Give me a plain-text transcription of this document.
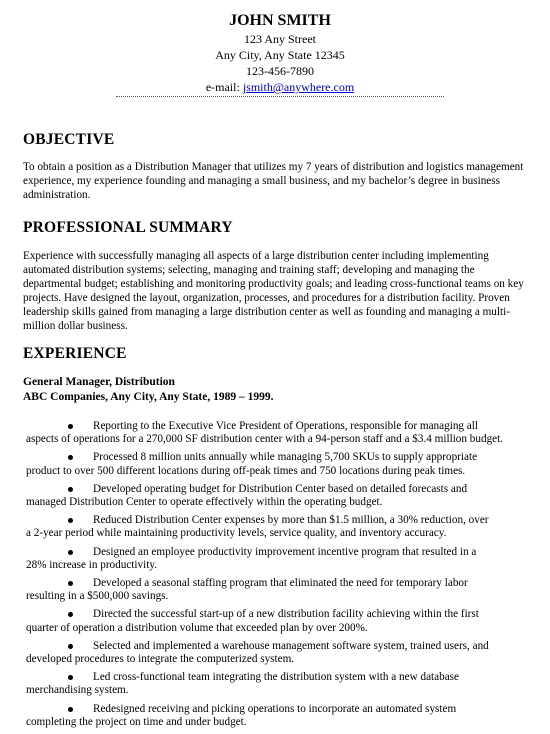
JOHN SMITH
123 Any Street
Any City, Any State 12345
123-456-7890
e-mail: jsmith@anywhere.com
OBJECTIVE
To obtain a position as a Distribution Manager that utilizes my 7 years of distribution and logistics management experience, my experience founding and managing a small business, and my bachelor’s degree in business administration.
PROFESSIONAL SUMMARY
Experience with successfully managing all aspects of a large distribution center including implementing automated distribution systems; selecting, managing and training staff; developing and managing the departmental budget; establishing and monitoring productivity goals; and leading cross-functional teams on key projects. Have designed the layout, organization, processes, and procedures for a distribution facility. Proven leadership skills gained from managing a large distribution center as well as founding and managing a multi-million dollar business.
EXPERIENCE
General Manager, Distribution
ABC Companies, Any City, Any State, 1989 – 1999.
Reporting to the Executive Vice President of Operations, responsible for managing all
aspects of operations for a 270,000 SF distribution center with a 94-person staff and a $3.4 million budget.
Processed 8 million units annually while managing 5,700 SKUs to supply appropriate
product to over 500 different locations during off-peak times and 750 locations during peak times.
Developed operating budget for Distribution Center based on detailed forecasts and
managed Distribution Center to operate effectively within the operating budget.
Reduced Distribution Center expenses by more than $1.5 million, a 30% reduction, over
a 2-year period while maintaining productivity levels, service quality, and inventory accuracy.
Designed an employee productivity improvement incentive program that resulted in a
28% increase in productivity.
Developed a seasonal staffing program that eliminated the need for temporary labor
resulting in a $500,000 savings.
Directed the successful start-up of a new distribution facility achieving within the first
quarter of operation a distribution volume that exceeded plan by over 200%.
Selected and implemented a warehouse management software system, trained users, and
developed procedures to integrate the computerized system.
Led cross-functional team integrating the distribution system with a new database
merchandising system.
Redesigned receiving and picking operations to incorporate an automated system
completing the project on time and under budget.
